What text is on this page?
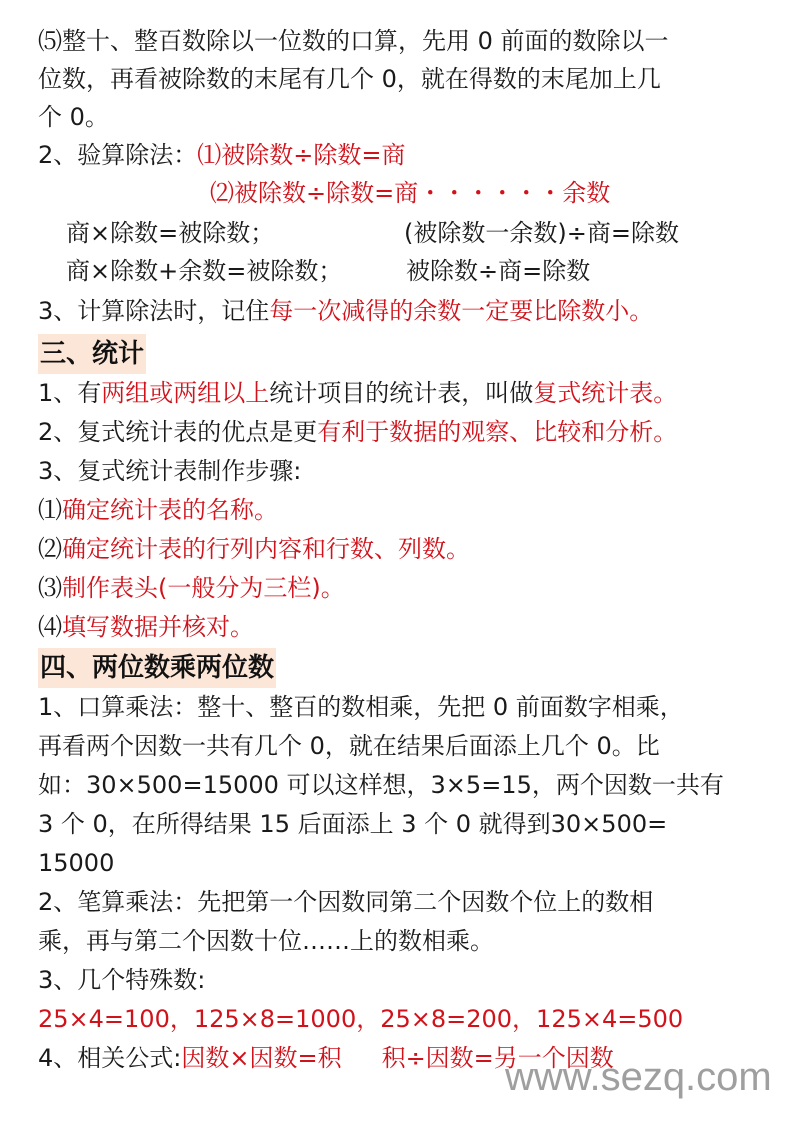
⑸整十、整百数除以一位数的口算，先用 0 前面的数除以一
位数，再看被除数的末尾有几个 0，就在得数的末尾加上几
个 0。
2、验算除法：⑴被除数÷除数=商
⑵被除数÷除数=商・・・・・・余数
商×除数=被除数；	(被除数一余数)÷商=除数
商×除数+余数=被除数；	被除数÷商=除数
3、计算除法时，记住每一次减得的余数一定要比除数小。
三、统计
1、有两组或两组以上统计项目的统计表，叫做复式统计表。
2、复式统计表的优点是更有利于数据的观察、比较和分析。
3、复式统计表制作步骤:
⑴确定统计表的名称。
⑵确定统计表的行列内容和行数、列数。
⑶制作表头(一般分为三栏)。
⑷填写数据并核对。
四、两位数乘两位数
1、口算乘法：整十、整百的数相乘，先把 0 前面数字相乘，
再看两个因数一共有几个 0，就在结果后面添上几个 0。比
如：30×500=15000 可以这样想，3×5=15，两个因数一共有
3 个 0，在所得结果 15 后面添上 3 个 0 就得到30×500=
15000
2、笔算乘法：先把第一个因数同第二个因数个位上的数相
乘，再与第二个因数十位……上的数相乘。
3、几个特殊数:
25×4=100，125×8=1000，25×8=200，125×4=500
4、相关公式:因数×因数=积 积÷因数=另一个因数
www.sezq.com
